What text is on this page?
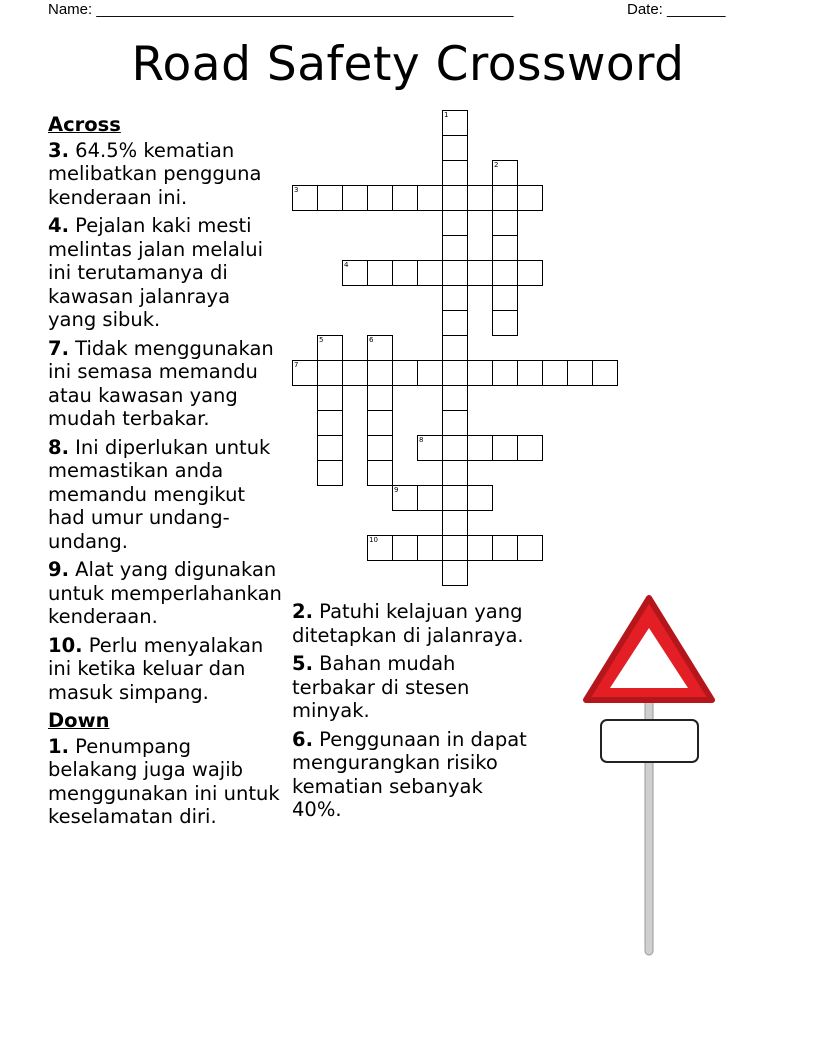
Name: __________________________________________________	Date: _______
Road Safety Crossword
Across
3. 64.5% kematian melibatkan pengguna kenderaan ini.
4. Pejalan kaki mesti melintas jalan melalui ini terutamanya di kawasan jalanraya yang sibuk.
7. Tidak menggunakan ini semasa memandu atau kawasan yang mudah terbakar.
8. Ini diperlukan untuk memastikan anda memandu mengikut had umur undang-undang.
9. Alat yang digunakan untuk memperlahankan kenderaan.
10. Perlu menyalakan ini ketika keluar dan masuk simpang.
Down
1. Penumpang belakang juga wajib menggunakan ini untuk keselamatan diri.
2. Patuhi kelajuan yang ditetapkan di jalanraya.
5. Bahan mudah terbakar di stesen minyak.
6. Penggunaan in dapat mengurangkan risiko kematian sebanyak 40%.
1
2
3
4
5	6
7
8
9
10
